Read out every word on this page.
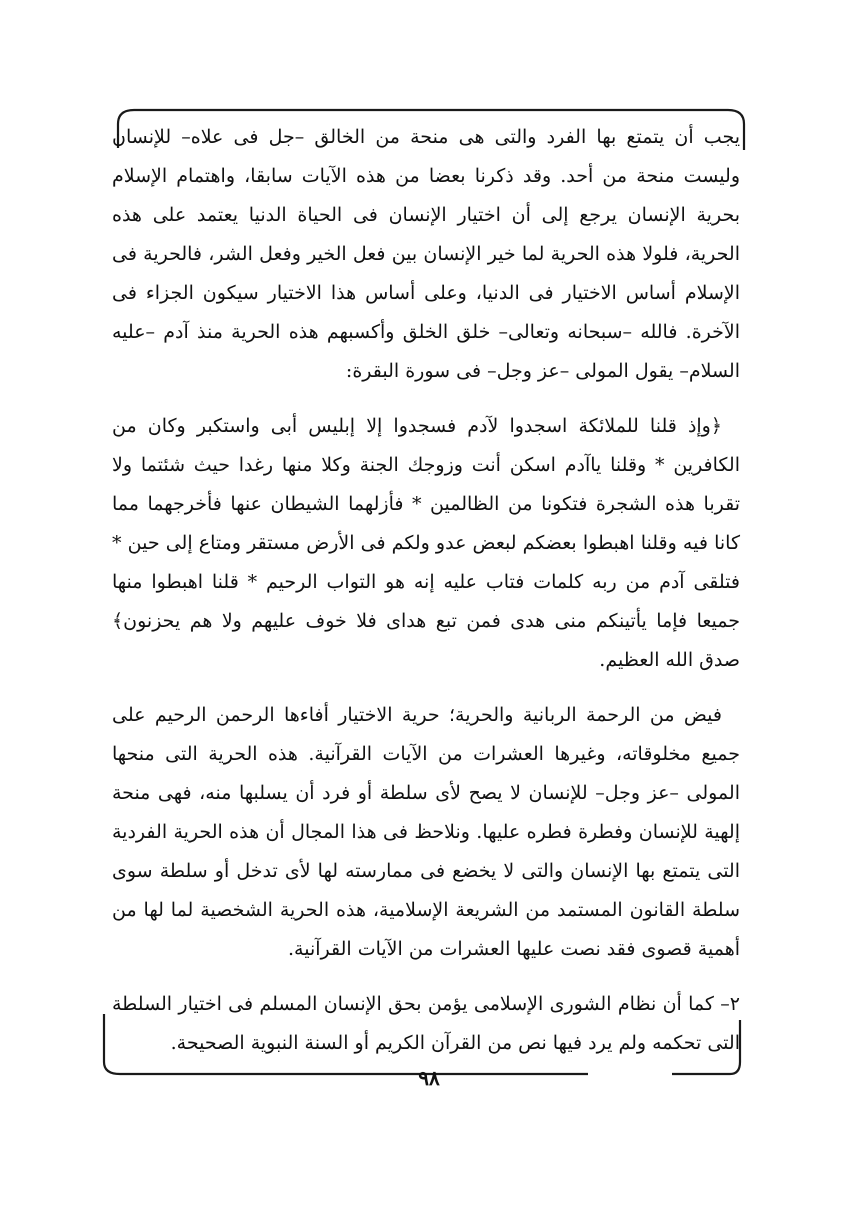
يجب أن يتمتع بها الفرد والتى هى منحة من الخالق –جل فى علاه– للإنسان وليست منحة من أحد. وقد ذكرنا بعضا من هذه الآيات سابقا، واهتمام الإسلام بحرية الإنسان يرجع إلى أن اختيار الإنسان فى الحياة الدنيا يعتمد على هذه الحرية، فلولا هذه الحرية لما خير الإنسان بين فعل الخير وفعل الشر، فالحرية فى الإسلام أساس الاختيار فى الدنيا، وعلى أساس هذا الاختيار سيكون الجزاء فى الآخرة. فالله –سبحانه وتعالى– خلق الخلق وأكسبهم هذه الحرية منذ آدم –عليه السلام– يقول المولى –عز وجل– فى سورة البقرة:

﴿وإذ قلنا للملائكة اسجدوا لآدم فسجدوا إلا إبليس أبى واستكبر وكان من الكافرين * وقلنا ياآدم اسكن أنت وزوجك الجنة وكلا منها رغدا حيث شئتما ولا تقربا هذه الشجرة فتكونا من الظالمين * فأزلهما الشيطان عنها فأخرجهما مما كانا فيه وقلنا اهبطوا بعضكم لبعض عدو ولكم فى الأرض مستقر ومتاع إلى حين * فتلقى آدم من ربه كلمات فتاب عليه إنه هو التواب الرحيم * قلنا اهبطوا منها جميعا فإما يأتينكم منى هدى فمن تبع هداى فلا خوف عليهم ولا هم يحزنون﴾ صدق الله العظيم.

فيض من الرحمة الربانية والحرية؛ حرية الاختيار أفاءها الرحمن الرحيم على جميع مخلوقاته، وغيرها العشرات من الآيات القرآنية. هذه الحرية التى منحها المولى –عز وجل– للإنسان لا يصح لأى سلطة أو فرد أن يسلبها منه، فهى منحة إلهية للإنسان وفطرة فطره عليها. ونلاحظ فى هذا المجال أن هذه الحرية الفردية التى يتمتع بها الإنسان والتى لا يخضع فى ممارسته لها لأى تدخل أو سلطة سوى سلطة القانون المستمد من الشريعة الإسلامية، هذه الحرية الشخصية لما لها من أهمية قصوى فقد نصت عليها العشرات من الآيات القرآنية.

٢– كما أن نظام الشورى الإسلامى يؤمن بحق الإنسان المسلم فى اختيار السلطة التى تحكمه ولم يرد فيها نص من القرآن الكريم أو السنة النبوية الصحيحة.

٩٨
